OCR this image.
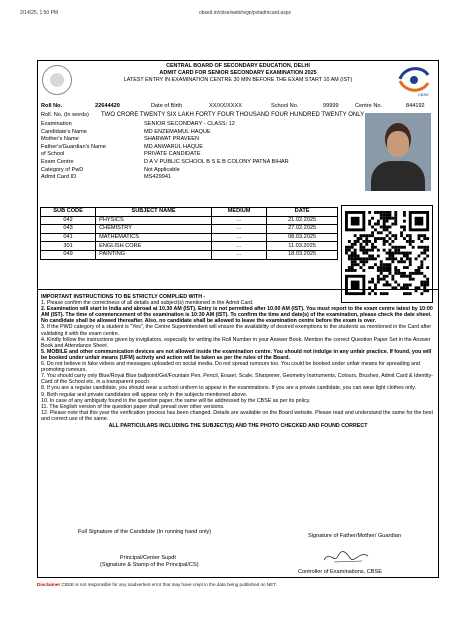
2/14/25, 1:50 PM	obseit.in/cbse/web/regn/pvtadmcard.aspx
CBSE
CENTRAL BOARD OF SECONDARY EDUCATION, DELHI
ADMIT CARD FOR SENIOR SECONDARY EXAMINATION 2025
LATEST ENTRY IN EXAMINATION CENTRE 30 MIN BEFORE THE EXAM START 10 AM (IST)
Roll No.	22644420	Date of Birth	XX/XX/XXXX	School No.	99999	Centre No.	844192
Roll. No. (In words) TWO CRORE TWENTY SIX LAKH FORTY FOUR THOUSAND FOUR HUNDRED TWENTY ONLY
Examination	SENIOR SECONDARY - CLASS: 12
Candidate's Name	MD ENZEMAMUL HAQUE
Mother's Name	SHARWAT PRAVEEN
Father's/Guardian's Name	MD ANWARUL HAQUE
of School	PRIVATE CANDIDATE
Exam Centre	D A V PUBLIC SCHOOL B S E B COLONY PATNA BIHAR
Category of PwD	Not Applicable
Admit Card ID	MS429941
SUB CODE	SUBJECT NAME	MEDIUM	DATE
042	PHYSICS	...	21.02.2025
043	CHEMISTRY	...	27.02.2025
041	MATHEMATICS	...	08.03.2025
301	ENGLISH CORE	...	11.03.2025
049	PAINTING	...	18.03.2025
IMPORTANT INSTRUCTIONS TO BE STRICTLY COMPLIED WITH -
1. Please confirm the correctness of all details and subject(s) mentioned in the Admit Card.
2. Examination will start in India and abroad at 10.30 AM (IST). Entry is not permitted after 10.00 AM (IST). You must report to the exam centre latest by 10:00 AM (IST). The time of commencement of the examination is 10:30 AM (IST). To confirm the time and date(s) of the examination, please check the date sheet. No candidate shall be allowed thereafter. Also, no candidate shall be allowed to leave the examination centre before the exam is over.
3. If the PWD category of a student is "Yes", the Centre Superintendent will ensure the availability of desired exemptions to the students as mentioned in the Card after validating it with the exam centre.
4. Kindly follow the instructions given by invigilators, especially for writing the Roll Number in your Answer Book. Mention the correct Question Paper Set in the Answer Book and Attendance Sheet.
5. MOBILE and other communication devices are not allowed inside the examination centre. You should not indulge in any unfair practice. If found, you will be booked under unfair means (UFM) activity and action will be taken as per the rules of the Board.
6. Do not believe in fake videos and messages uploaded on social media. Do not spread rumours too. You could be booked under unfair means for spreading and promoting rumours.
7. You should carry only Blue/Royal Blue ballpoint/Gel/Fountain Pen, Pencil, Eraser, Scale, Sharpener, Geometry Instruments, Colours, Brushes, Admit Card & Identity-Card of the School etc. in a transparent pouch.
8. If you are a regular candidate, you should wear a school uniform to appear in the examinations. If you are a private candidate, you can wear light clothes only.
9. Both regular and private candidates will appear only in the subjects mentioned above.
10. In case of any ambiguity found in the question paper, the same will be addressed by the CBSE as per its policy.
11. The English version of the question paper shall prevail over other versions.
12. Please note that this year the verification process has been changed. Details are available on the Board website. Please read and understand the same for the best and correct use of the same.
ALL PARTICULARS INCLUDING THE SUBJECT(S) AND THE PHOTO CHECKED AND FOUND CORRECT
Full Signature of the Candidate (In running hand only)
Signature of Father/Mother/ Guardian
Principal/Center Supdt
(Signature & Stamp of the Principal/CS)
Controller of Examinations, CBSE
Disclaimer CBSE is not responsible for any inadvertent error that may have crept in the data being published on NET.
